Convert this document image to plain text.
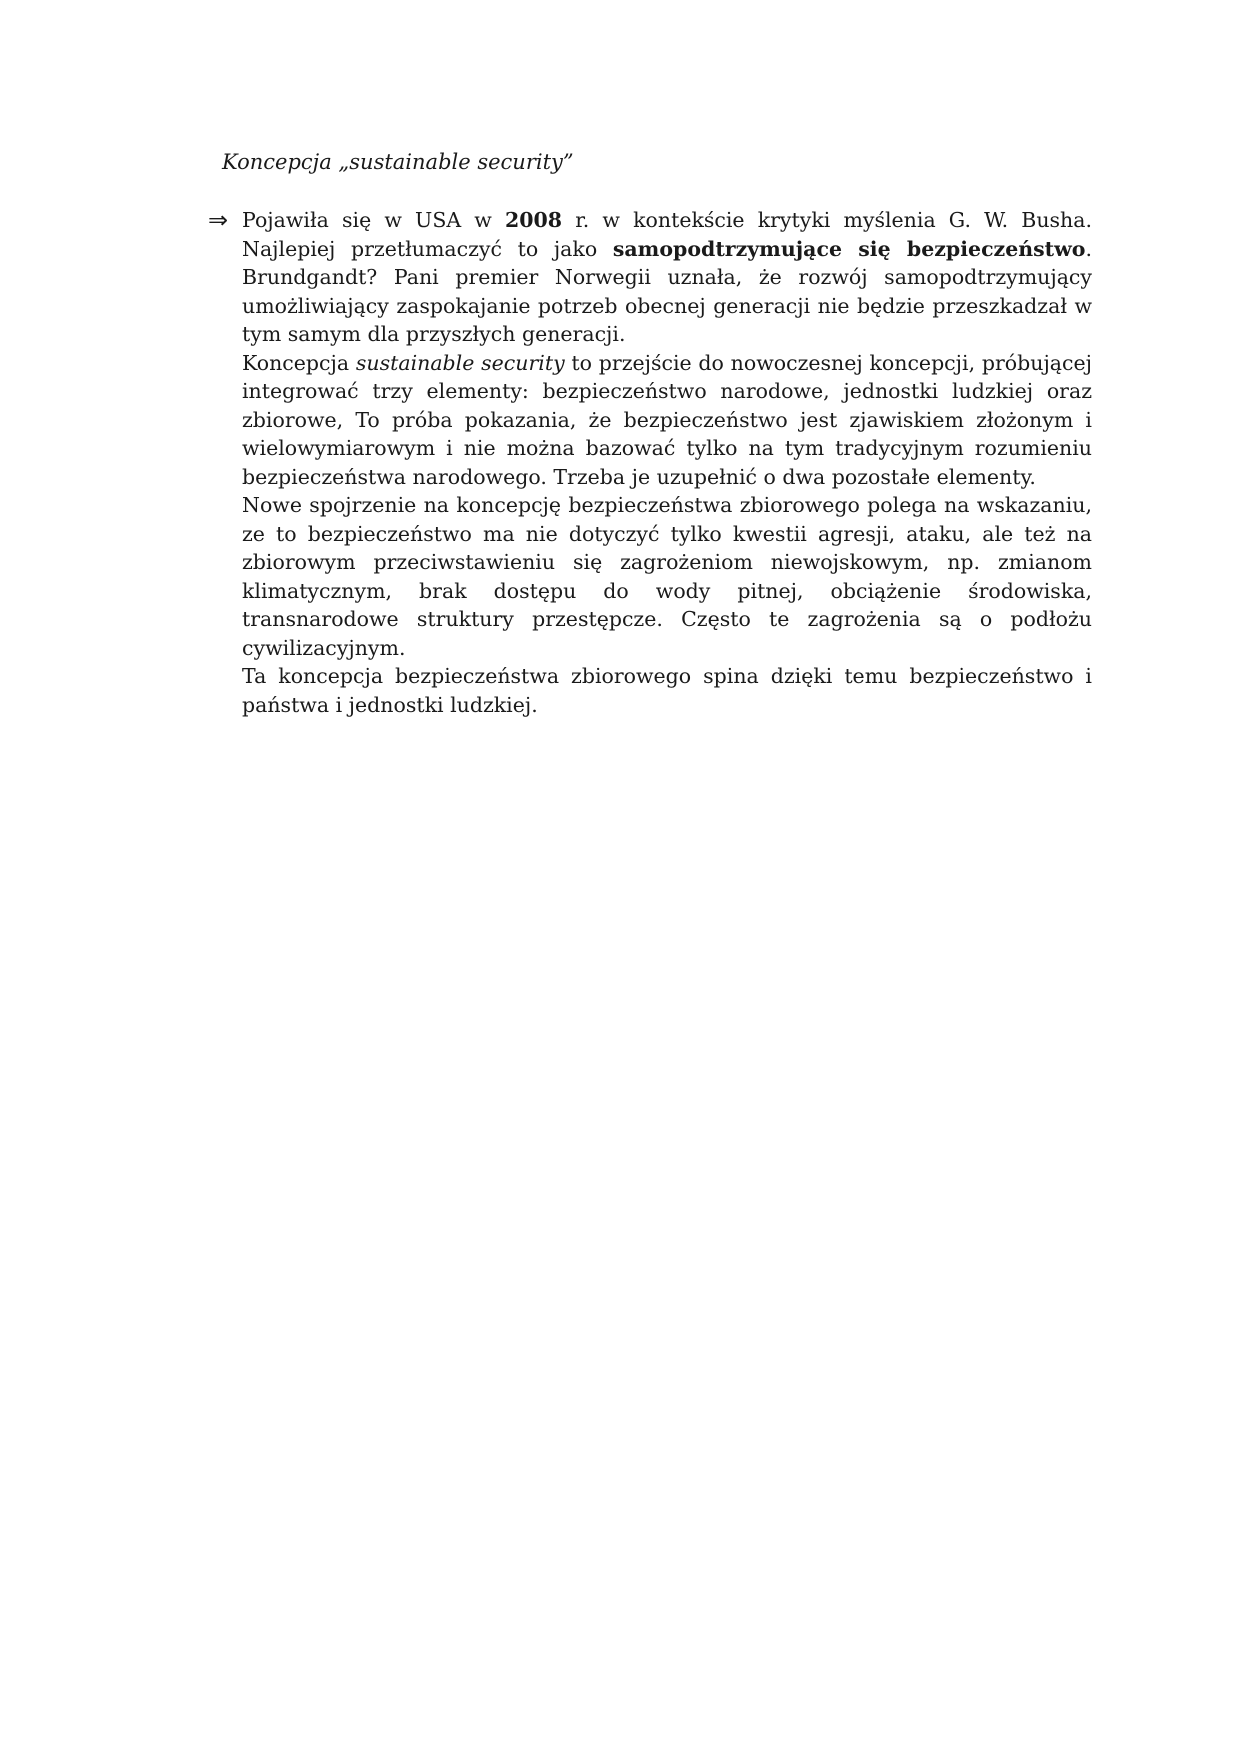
Koncepcja „sustainable security”
⇒ Pojawiła się w USA w 2008 r. w kontekście krytyki myślenia G. W. Busha. Najlepiej przetłumaczyć to jako samopodtrzymujące się bezpieczeństwo. Brundgandt? Pani premier Norwegii uznała, że rozwój samopodtrzymujący umożliwiający zaspokajanie potrzeb obecnej generacji nie będzie przeszkadzał w tym samym dla przyszłych generacji.

Koncepcja sustainable security to przejście do nowoczesnej koncepcji, próbującej integrować trzy elementy: bezpieczeństwo narodowe, jednostki ludzkiej oraz zbiorowe, To próba pokazania, że bezpieczeństwo jest zjawiskiem złożonym i wielowymiarowym i nie można bazować tylko na tym tradycyjnym rozumieniu bezpieczeństwa narodowego. Trzeba je uzupełnić o dwa pozostałe elementy.

Nowe spojrzenie na koncepcję bezpieczeństwa zbiorowego polega na wskazaniu, ze to bezpieczeństwo ma nie dotyczyć tylko kwestii agresji, ataku, ale też na zbiorowym przeciwstawieniu się zagrożeniom niewojskowym, np. zmianom klimatycznym, brak dostępu do wody pitnej, obciążenie środowiska, transnarodowe struktury przestępcze. Często te zagrożenia są o podłożu cywilizacyjnym.

Ta koncepcja bezpieczeństwa zbiorowego spina dzięki temu bezpieczeństwo i państwa i jednostki ludzkiej.
